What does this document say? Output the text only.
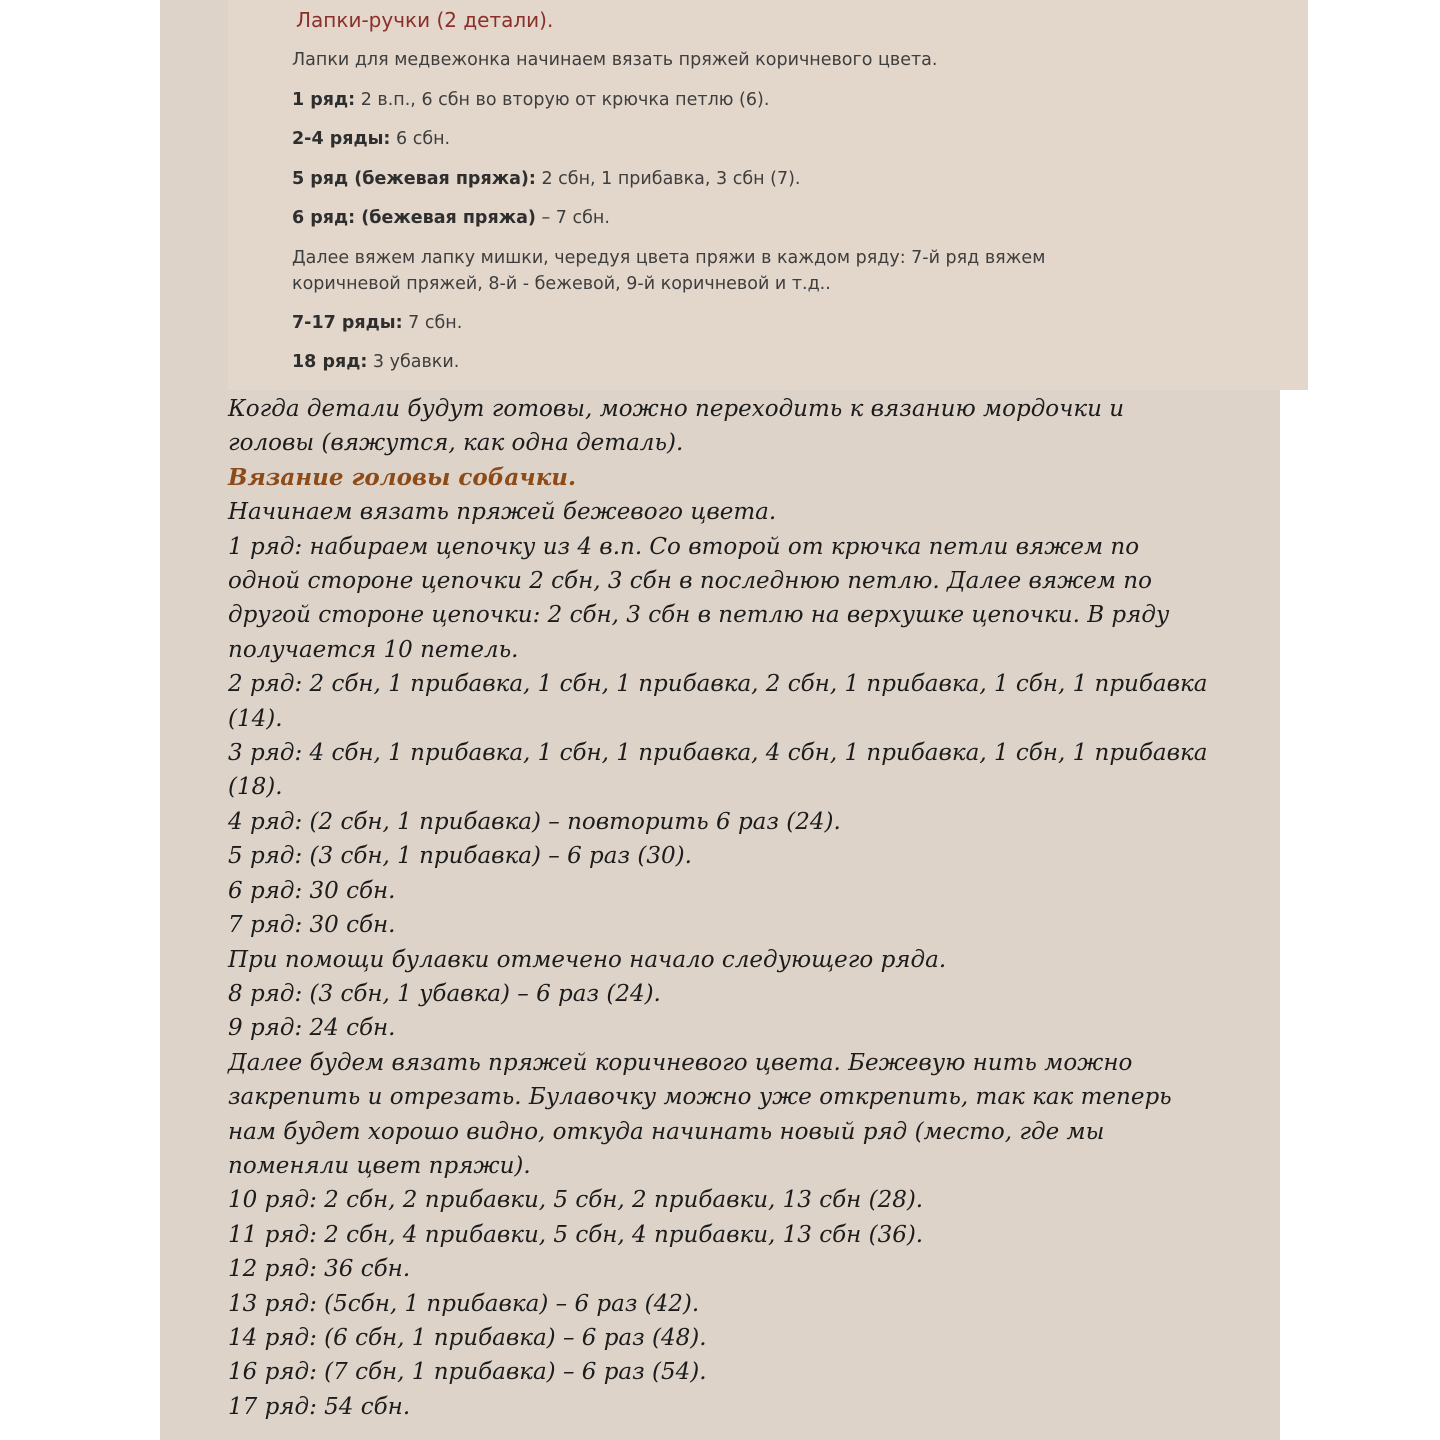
Лапки-ручки (2 детали).
Лапки для медвежонка начинаем вязать пряжей коричневого цвета.
1 ряд: 2 в.п., 6 сбн во вторую от крючка петлю (6).
2-4 ряды: 6 сбн.
5 ряд (бежевая пряжа): 2 сбн, 1 прибавка, 3 сбн (7).
6 ряд: (бежевая пряжа) – 7 сбн.
Далее вяжем лапку мишки, чередуя цвета пряжи в каждом ряду: 7-й ряд вяжем
коричневой пряжей, 8-й - бежевой, 9-й коричневой и т.д..
7-17 ряды: 7 сбн.
18 ряд: 3 убавки.

Когда детали будут готовы, можно переходить к вязанию мордочки и

головы (вяжутся, как одна деталь).

Вязание головы собачки.

Начинаем вязать пряжей бежевого цвета.

1 ряд: набираем цепочку из 4 в.п. Со второй от крючка петли вяжем по

одной стороне цепочки 2 сбн, 3 сбн в последнюю петлю. Далее вяжем по

другой стороне цепочки: 2 сбн, 3 сбн в петлю на верхушке цепочки. В ряду

получается 10 петель.

2 ряд: 2 сбн, 1 прибавка, 1 сбн, 1 прибавка, 2 сбн, 1 прибавка, 1 сбн, 1 прибавка

(14).

3 ряд: 4 сбн, 1 прибавка, 1 сбн, 1 прибавка, 4 сбн, 1 прибавка, 1 сбн, 1 прибавка

(18).

4 ряд: (2 сбн, 1 прибавка) – повторить 6 раз (24).

5 ряд: (3 сбн, 1 прибавка) – 6 раз (30).

6 ряд: 30 сбн.

7 ряд: 30 сбн.

При помощи булавки отмечено начало следующего ряда.

8 ряд: (3 сбн, 1 убавка) – 6 раз (24).

9 ряд: 24 сбн.

Далее будем вязать пряжей коричневого цвета. Бежевую нить можно

закрепить и отрезать. Булавочку можно уже открепить, так как теперь

нам будет хорошо видно, откуда начинать новый ряд (место, где мы

поменяли цвет пряжи).

10 ряд: 2 сбн, 2 прибавки, 5 сбн, 2 прибавки, 13 сбн (28).

11 ряд: 2 сбн, 4 прибавки, 5 сбн, 4 прибавки, 13 сбн (36).

12 ряд: 36 сбн.

13 ряд: (5сбн, 1 прибавка) – 6 раз (42).

14 ряд: (6 сбн, 1 прибавка) – 6 раз (48).

16 ряд: (7 сбн, 1 прибавка) – 6 раз (54).

17 ряд: 54 сбн.
